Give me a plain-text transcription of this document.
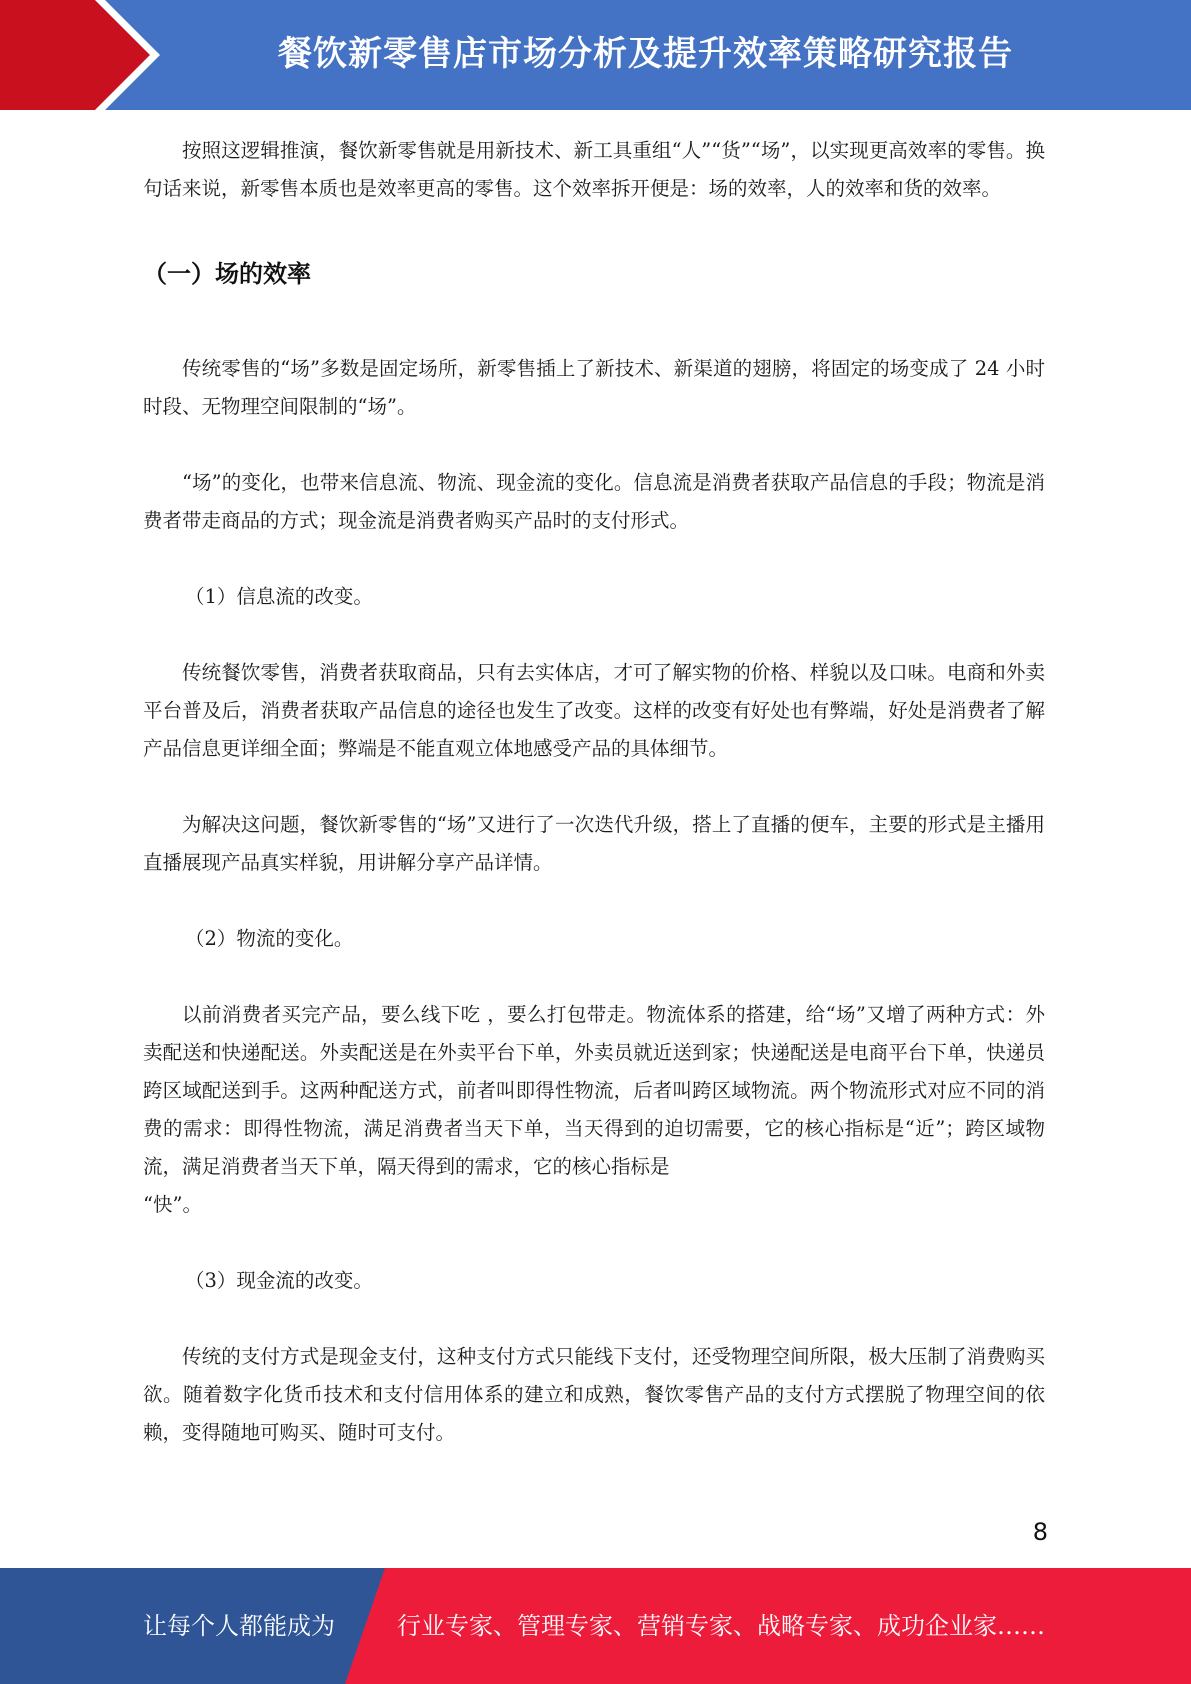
餐饮新零售店市场分析及提升效率策略研究报告

按照这逻辑推演，餐饮新零售就是用新技术、新工具重组“人”“货”“场”，以实现更高效率的零售。换句话来说，新零售本质也是效率更高的零售。这个效率拆开便是：场的效率，人的效率和货的效率。

（一）场的效率

传统零售的“场”多数是固定场所，新零售插上了新技术、新渠道的翅膀，将固定的场变成了 24 小时时段、无物理空间限制的“场”。

“场”的变化，也带来信息流、物流、现金流的变化。信息流是消费者获取产品信息的手段；物流是消费者带走商品的方式；现金流是消费者购买产品时的支付形式。

（1）信息流的改变。

传统餐饮零售，消费者获取商品，只有去实体店，才可了解实物的价格、样貌以及口味。电商和外卖平台普及后，消费者获取产品信息的途径也发生了改变。这样的改变有好处也有弊端，好处是消费者了解产品信息更详细全面；弊端是不能直观立体地感受产品的具体细节。

为解决这问题，餐饮新零售的“场”又进行了一次迭代升级，搭上了直播的便车，主要的形式是主播用直播展现产品真实样貌，用讲解分享产品详情。

（2）物流的变化。

以前消费者买完产品，要么线下吃 ，要么打包带走。物流体系的搭建，给“场”又增了两种方式：外卖配送和快递配送。外卖配送是在外卖平台下单，外卖员就近送到家；快递配送是电商平台下单，快递员跨区域配送到手。这两种配送方式，前者叫即得性物流，后者叫跨区域物流。两个物流形式对应不同的消费的需求：即得性物流，满足消费者当天下单，当天得到的迫切需要，它的核心指标是“近”；跨区域物流，满足消费者当天下单，隔天得到的需求，它的核心指标是

“快”。

（3）现金流的改变。

传统的支付方式是现金支付，这种支付方式只能线下支付，还受物理空间所限，极大压制了消费购买欲。随着数字化货币技术和支付信用体系的建立和成熟，餐饮零售产品的支付方式摆脱了物理空间的依赖，变得随地可购买、随时可支付。

8
让每个人都能成为	行业专家、管理专家、营销专家、战略专家、成功企业家……
